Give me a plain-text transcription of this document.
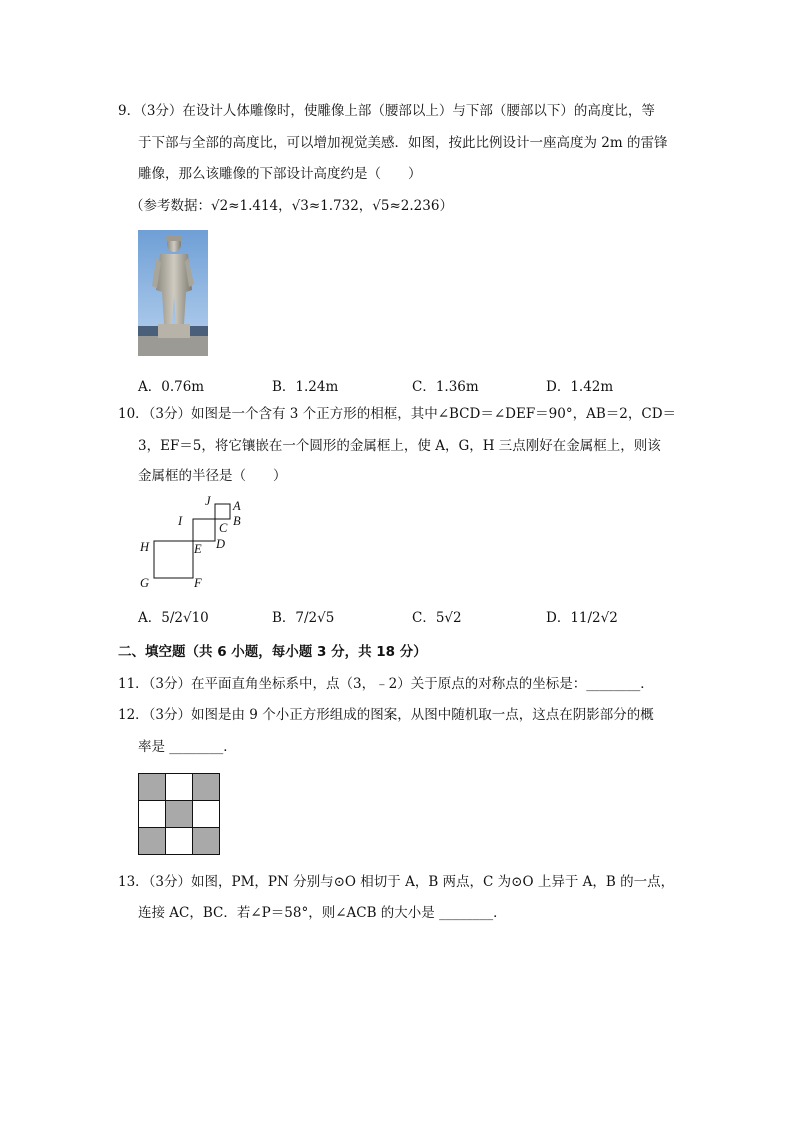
9．（3分）在设计人体雕像时，使雕像上部（腰部以上）与下部（腰部以下）的高度比，等
于下部与全部的高度比，可以增加视觉美感．如图，按此比例设计一座高度为 2m 的雷锋
雕像，那么该雕像的下部设计高度约是（　　）
（参考数据：√2≈1.414，√3≈1.732，√5≈2.236）
A．0.76m	B．1.24m	C．1.36m	D．1.42m
10．（3分）如图是一个含有 3 个正方形的相框，其中∠BCD＝∠DEF＝90°，AB＝2，CD＝
3，EF＝5，将它镶嵌在一个圆形的金属框上，使 A，G，H 三点刚好在金属框上，则该
金属框的半径是（　　）
J A
I	C B
H	E D
G	F
A．5/2√10	B．7/2√5	C．5√2	D．11/2√2
二、填空题（共 6 小题，每小题 3 分，共 18 分）
11．（3分）在平面直角坐标系中，点（3，﹣2）关于原点的对称点的坐标是：________．
12．（3分）如图是由 9 个小正方形组成的图案，从图中随机取一点，这点在阴影部分的概
率是 ________．
13．（3分）如图，PM，PN 分别与⊙O 相切于 A，B 两点，C 为⊙O 上异于 A，B 的一点，
连接 AC，BC．若∠P＝58°，则∠ACB 的大小是 ________．
